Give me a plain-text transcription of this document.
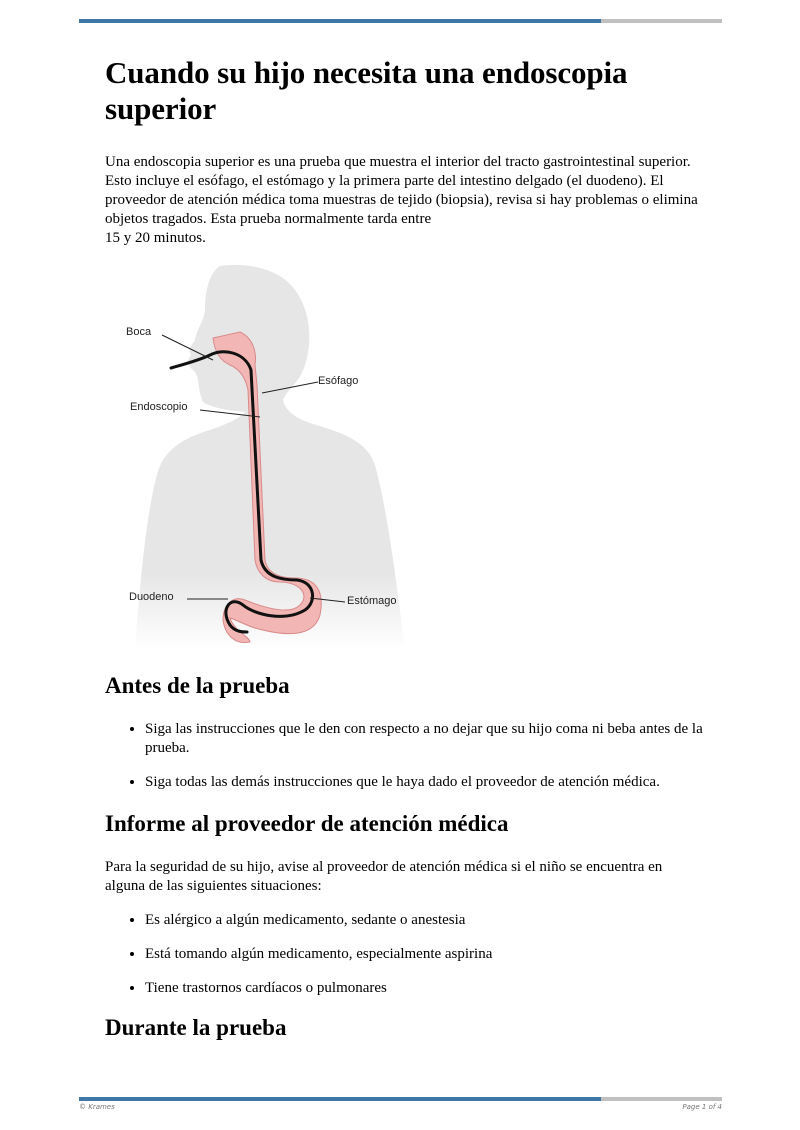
Cuando su hijo necesita una endoscopia superior

Una endoscopia superior es una prueba que muestra el interior del tracto gastrointestinal superior. Esto incluye el esófago, el estómago y la primera parte del intestino delgado (el duodeno). El proveedor de atención médica toma muestras de tejido (biopsia), revisa si hay problemas o elimina objetos tragados. Esta prueba normalmente tarda entre
15 y 20 minutos.

Boca
Esófago
Endoscopio
Duodeno	Estómago
Antes de la prueba
• Siga las instrucciones que le den con respecto a no dejar que su hijo coma ni beba antes de la prueba.
• Siga todas las demás instrucciones que le haya dado el proveedor de atención médica.
Informe al proveedor de atención médica

Para la seguridad de su hijo, avise al proveedor de atención médica si el niño se encuentra en alguna de las siguientes situaciones:

• Es alérgico a algún medicamento, sedante o anestesia
• Está tomando algún medicamento, especialmente aspirina
• Tiene trastornos cardíacos o pulmonares
Durante la prueba
© Krames	Page 1 of 4
